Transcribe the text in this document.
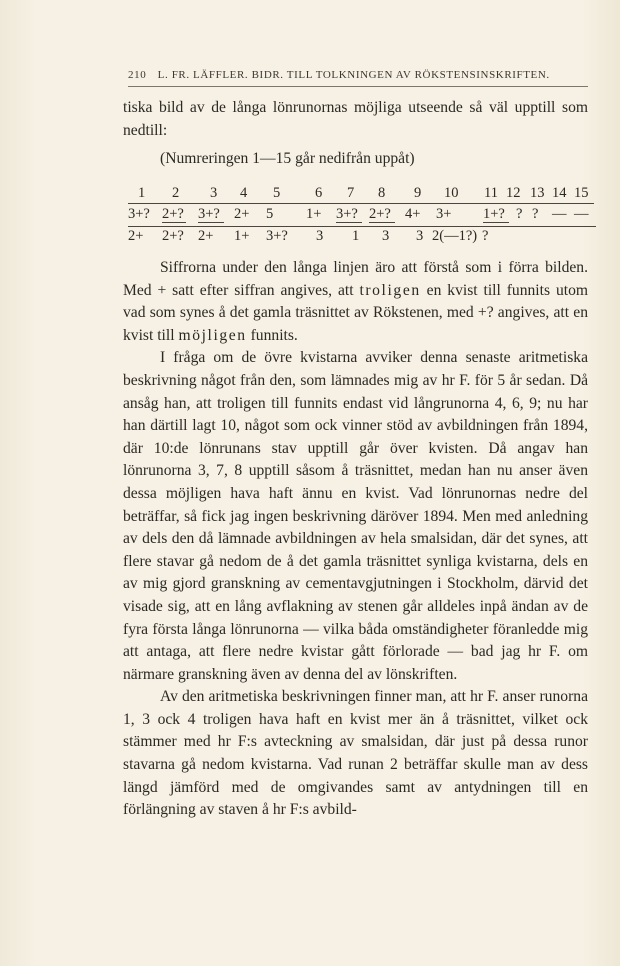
210 L. FR. LÄFFLER. BIDR. TILL TOLKNINGEN AV RÖKSTENSINSKRIFTEN.

tiska bild av de långa lönrunornas möjliga utseende så väl upptill som nedtill:

(Numreringen 1—15 går nedifrån uppåt)
1 2 3 4 5 6 7 8 9 10 11 12 13 14 15
3+? 2+? 3+? 2+ 5 1+ 3+? 2+? 4+ 3+ 1+? ? ? — —
2+ 2+? 2+ 1+ 3+? 3 1 3 3 2(—1?) ?

Siffrorna under den långa linjen äro att förstå som i förra bilden. Med + satt efter siffran angives, att troligen en kvist till funnits utom vad som synes å det gamla träsnittet av Rökstenen, med +? angives, att en kvist till möjligen funnits.

I fråga om de övre kvistarna avviker denna senaste aritmetiska beskrivning något från den, som lämnades mig av hr F. för 5 år sedan. Då ansåg han, att troligen till funnits endast vid långrunorna 4, 6, 9; nu har han därtill lagt 10, något som ock vinner stöd av avbildningen från 1894, där 10:de lönrunans stav upptill går över kvisten. Då angav han lönrunorna 3, 7, 8 upptill såsom å träsnittet, medan han nu anser även dessa möjligen hava haft ännu en kvist. Vad lönrunornas nedre del beträffar, så fick jag ingen beskrivning däröver 1894. Men med anledning av dels den då lämnade avbildningen av hela smalsidan, där det synes, att flere stavar gå nedom de å det gamla träsnittet synliga kvistarna, dels en av mig gjord granskning av cementavgjutningen i Stockholm, därvid det visade sig, att en lång avflakning av stenen går alldeles inpå ändan av de fyra första långa lönrunorna — vilka båda omständigheter föranledde mig att antaga, att flere nedre kvistar gått förlorade — bad jag hr F. om närmare granskning även av denna del av lönskriften.

Av den aritmetiska beskrivningen finner man, att hr F. anser runorna 1, 3 ock 4 troligen hava haft en kvist mer än å träsnittet, vilket ock stämmer med hr F:s avteckning av smalsidan, där just på dessa runor stavarna gå nedom kvistarna. Vad runan 2 beträffar skulle man av dess längd jämförd med de omgivandes samt av antydningen till en förlängning av staven å hr F:s avbild-
